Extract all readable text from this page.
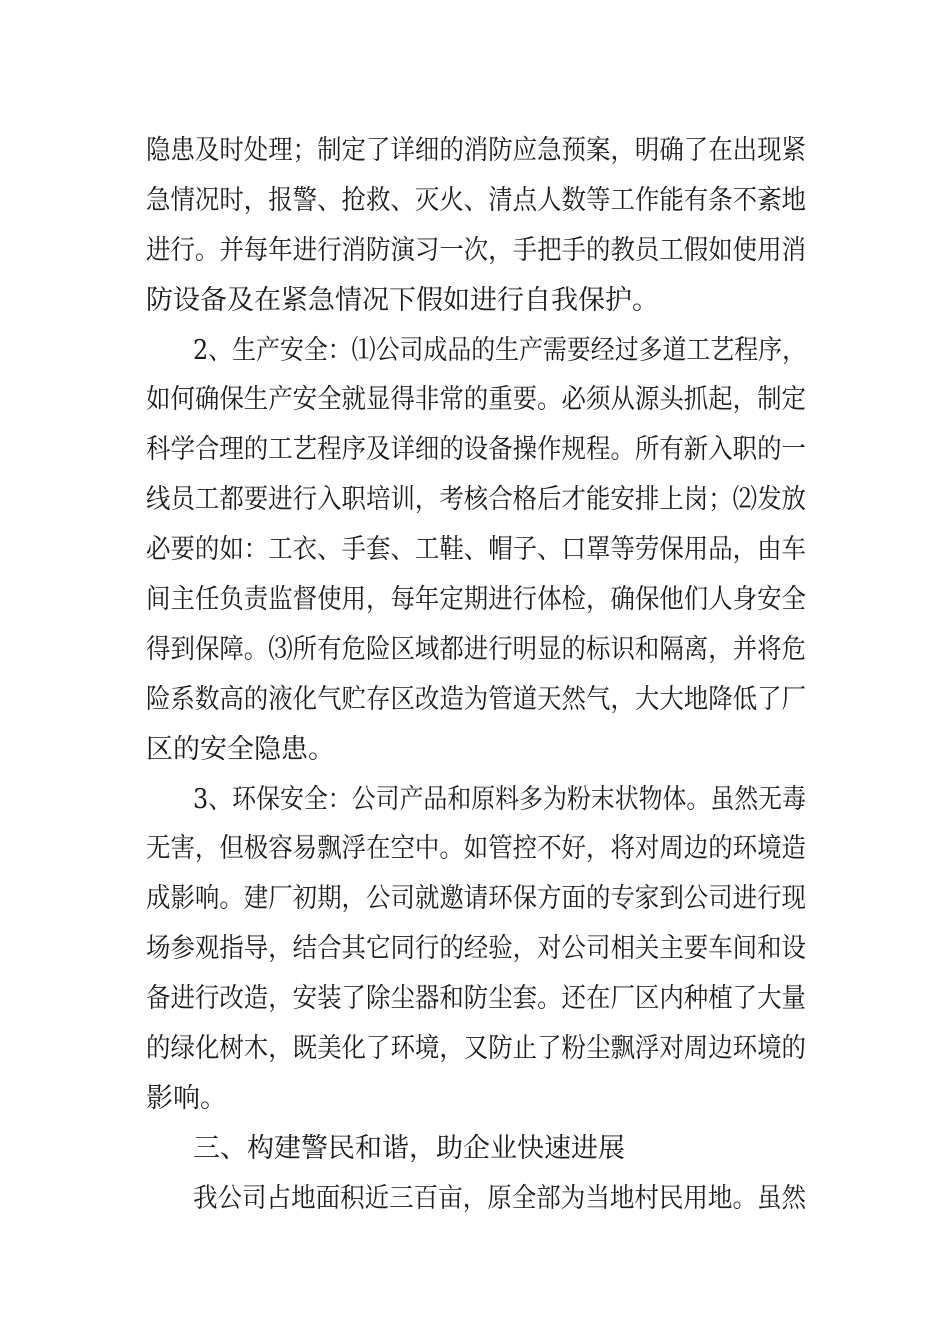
隐患及时处理；制定了详细的消防应急预案，明确了在出现紧
急情况时，报警、抢救、灭火、清点人数等工作能有条不紊地
进行。并每年进行消防演习一次，手把手的教员工假如使用消
防设备及在紧急情况下假如进行自我保护。
2、生产安全：⑴公司成品的生产需要经过多道工艺程序，
如何确保生产安全就显得非常的重要。必须从源头抓起，制定
科学合理的工艺程序及详细的设备操作规程。所有新入职的一
线员工都要进行入职培训，考核合格后才能安排上岗；⑵发放
必要的如：工衣、手套、工鞋、帽子、口罩等劳保用品，由车
间主任负责监督使用，每年定期进行体检，确保他们人身安全
得到保障。⑶所有危险区域都进行明显的标识和隔离，并将危
险系数高的液化气贮存区改造为管道天然气，大大地降低了厂
区的安全隐患。
3、环保安全：公司产品和原料多为粉末状物体。虽然无毒
无害，但极容易飘浮在空中。如管控不好，将对周边的环境造
成影响。建厂初期，公司就邀请环保方面的专家到公司进行现
场参观指导，结合其它同行的经验，对公司相关主要车间和设
备进行改造，安装了除尘器和防尘套。还在厂区内种植了大量
的绿化树木，既美化了环境，又防止了粉尘飘浮对周边环境的
影响。
三、构建警民和谐，助企业快速进展
我公司占地面积近三百亩，原全部为当地村民用地。虽然
